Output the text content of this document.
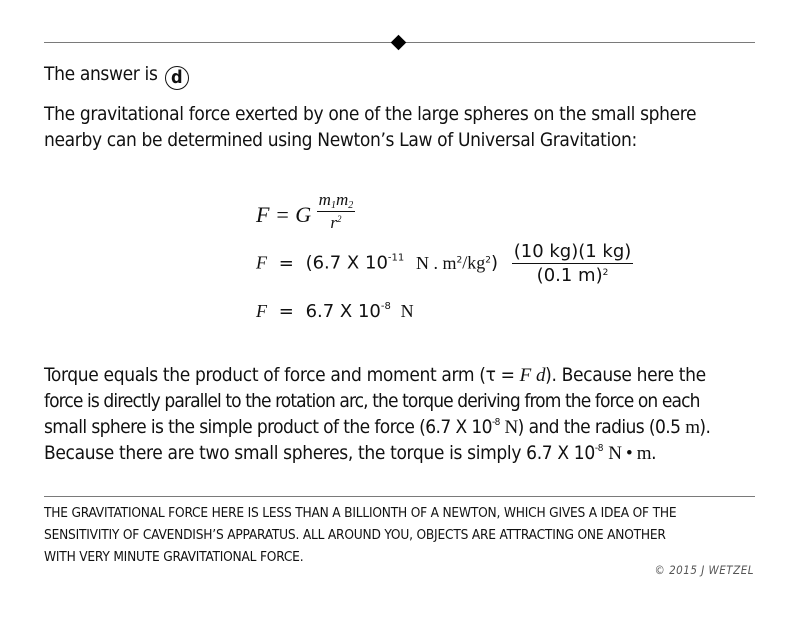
The answer is d
The gravitational force exerted by one of the large spheres on the small sphere
nearby can be determined using Newton’s Law of Universal Gravitation:
F = G $\frac{m_1m_2}{r^2}$
F = (6.7 X $10^{-11}$ N . $m^2/kg^2) \frac{(10 kg)(1 kg)}{(0.1 m)^2}$
F = 6.7 X $10^{-8}$ N
Torque equals the product of force and moment arm (τ = F d). Because here the
force is directly parallel to the rotation arc, the torque deriving from the force on each
small sphere is the simple product of the force (6.7 X $10^{-8}$ N) and the radius (0.5 m).
Because there are two small spheres, the torque is simply 6.7 X $10^{-8}$ N • m.
THE GRAVITATIONAL FORCE HERE IS LESS THAN A BILLIONTH OF A NEWTON, WHICH GIVES A IDEA OF THE
SENSITIVITIY OF CAVENDISH’S APPARATUS. ALL AROUND YOU, OBJECTS ARE ATTRACTING ONE ANOTHER
WITH VERY MINUTE GRAVITATIONAL FORCE.
© 2015 J WETZEL
